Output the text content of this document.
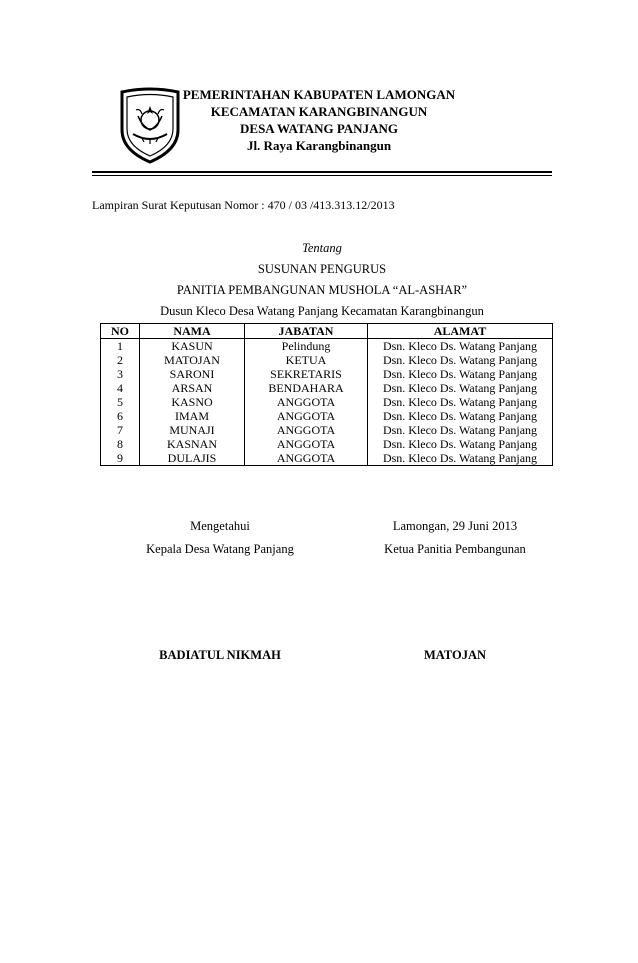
PEMERINTAHAN KABUPATEN LAMONGAN
KECAMATAN KARANGBINANGUN
DESA WATANG PANJANG
Jl. Raya Karangbinangun
Lampiran Surat Keputusan Nomor : 470 / 03 /413.313.12/2013
Tentang
SUSUNAN PENGURUS
PANITIA PEMBANGUNAN MUSHOLA “AL-ASHAR”
Dusun Kleco Desa Watang Panjang Kecamatan Karangbinangun
NO	NAMA	JABATAN	ALAMAT
1	KASUN	Pelindung	Dsn. Kleco Ds. Watang Panjang
2	MATOJAN	KETUA	Dsn. Kleco Ds. Watang Panjang
3	SARONI	SEKRETARIS	Dsn. Kleco Ds. Watang Panjang
4	ARSAN	BENDAHARA	Dsn. Kleco Ds. Watang Panjang
5	KASNO	ANGGOTA	Dsn. Kleco Ds. Watang Panjang
6	IMAM	ANGGOTA	Dsn. Kleco Ds. Watang Panjang
7	MUNAJI	ANGGOTA	Dsn. Kleco Ds. Watang Panjang
8	KASNAN	ANGGOTA	Dsn. Kleco Ds. Watang Panjang
9	DULAJIS	ANGGOTA	Dsn. Kleco Ds. Watang Panjang
Mengetahui	Lamongan, 29 Juni 2013
Kepala Desa Watang Panjang	Ketua Panitia Pembangunan
BADIATUL NIKMAH	MATOJAN
